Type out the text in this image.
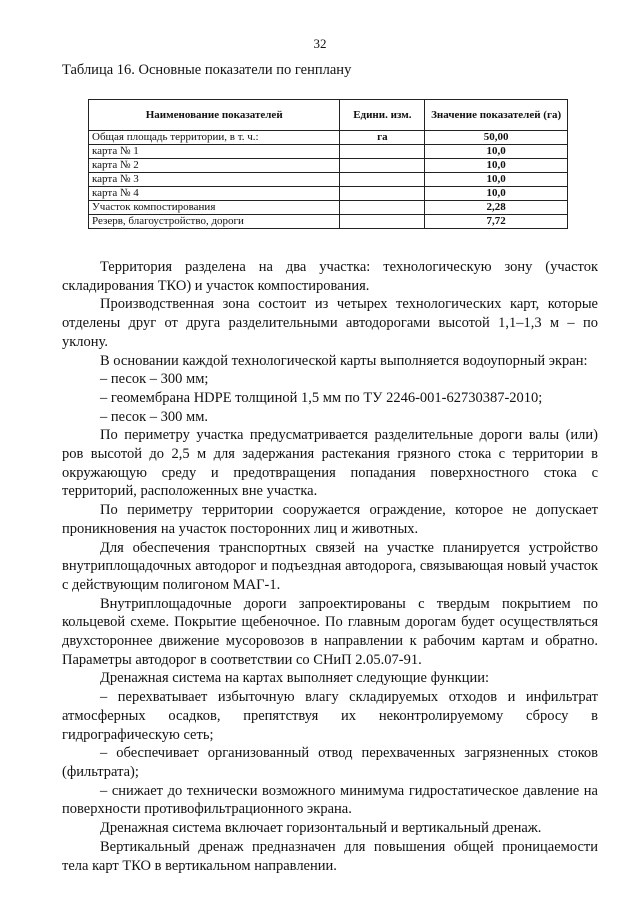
32
Таблица 16. Основные показатели по генплану
Наименование показателей	Едини. изм.	Значение показателей (га)
Общая площадь территории, в т. ч.:	га	50,00
карта № 1		10,0
карта № 2		10,0
карта № 3		10,0
карта № 4		10,0
Участок компостирования		2,28
Резерв, благоустройство, дороги		7,72

Территория разделена на два участка: технологическую зону (участок складирования ТКО) и участок компостирования.

Производственная зона состоит из четырех технологических карт, которые отделены друг от друга разделительными автодорогами высотой 1,1–1,3 м – по уклону.

В основании каждой технологической карты выполняется водоупорный экран:

– песок – 300 мм;

– геомембрана HDPE толщиной 1,5 мм по ТУ 2246-001-62730387-2010;

– песок – 300 мм.

По периметру участка предусматривается разделительные дороги валы (или) ров высотой до 2,5 м для задержания растекания грязного стока с территории в окружающую среду и предотвращения попадания поверхностного стока с территорий, расположенных вне участка.

По периметру территории сооружается ограждение, которое не допускает проникновения на участок посторонних лиц и животных.

Для обеспечения транспортных связей на участке планируется устройство внутриплощадочных автодорог и подъездная автодорога, связывающая новый участок с действующим полигоном МАГ-1.

Внутриплощадочные дороги запроектированы с твердым покрытием по кольцевой схеме. Покрытие щебеночное. По главным дорогам будет осуществляться двухстороннее движение мусоровозов в направлении к рабочим картам и обратно. Параметры автодорог в соответствии со СНиП 2.05.07-91.

Дренажная система на картах выполняет следующие функции:

– перехватывает избыточную влагу складируемых отходов и инфильтрат атмосферных осадков, препятствуя их неконтролируемому сбросу в гидрографическую сеть;

– обеспечивает организованный отвод перехваченных загрязненных стоков (фильтрата);

– снижает до технически возможного минимума гидростатическое давление на поверхности противофильтрационного экрана.

Дренажная система включает горизонтальный и вертикальный дренаж.

Вертикальный дренаж предназначен для повышения общей проницаемости тела карт ТКО в вертикальном направлении.
